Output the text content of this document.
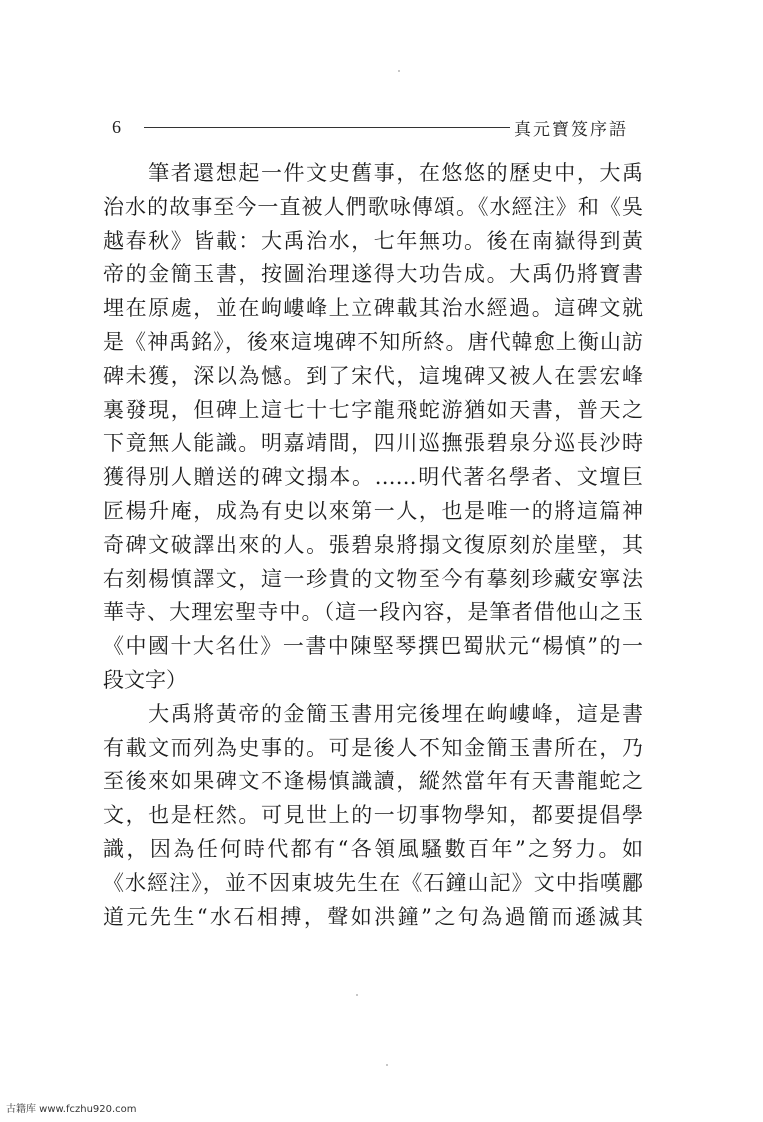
6	真元寶笈序語
　　筆者還想起一件文史舊事，在悠悠的歷史中，大禹
治水的故事至今一直被人們歌咏傳頌。《水經注》和《吳
越春秋》皆載：大禹治水，七年無功。後在南嶽得到黃
帝的金簡玉書，按圖治理遂得大功告成。大禹仍將寶書
埋在原處，並在岣嶁峰上立碑載其治水經過。這碑文就
是《神禹銘》，後來這塊碑不知所終。唐代韓愈上衡山訪
碑未獲，深以為憾。到了宋代，這塊碑又被人在雲宏峰
裏發現，但碑上這七十七字龍飛蛇游猶如天書，普天之
下竟無人能識。明嘉靖間，四川巡撫張碧泉分巡長沙時
獲得別人贈送的碑文搨本。……明代著名學者、文壇巨
匠楊升庵，成為有史以來第一人，也是唯一的將這篇神
奇碑文破譯出來的人。張碧泉將搨文復原刻於崖壁，其
右刻楊慎譯文，這一珍貴的文物至今有摹刻珍藏安寧法
華寺、大理宏聖寺中。（這一段內容，是筆者借他山之玉
《中國十大名仕》一書中陳堅琴撰巴蜀狀元“楊慎”的一
段文字）
　　大禹將黃帝的金簡玉書用完後埋在岣嶁峰，這是書
有載文而列為史事的。可是後人不知金簡玉書所在，乃
至後來如果碑文不逢楊慎識讀，縱然當年有天書龍蛇之
文，也是枉然。可見世上的一切事物學知，都要提倡學
識，因為任何時代都有“各領風騷數百年”之努力。如
《水經注》，並不因東坡先生在《石鐘山記》文中指嘆酈
道元先生“水石相搏，聲如洪鐘”之句為過簡而遜滅其
古籍库 www.fczhu920.com
